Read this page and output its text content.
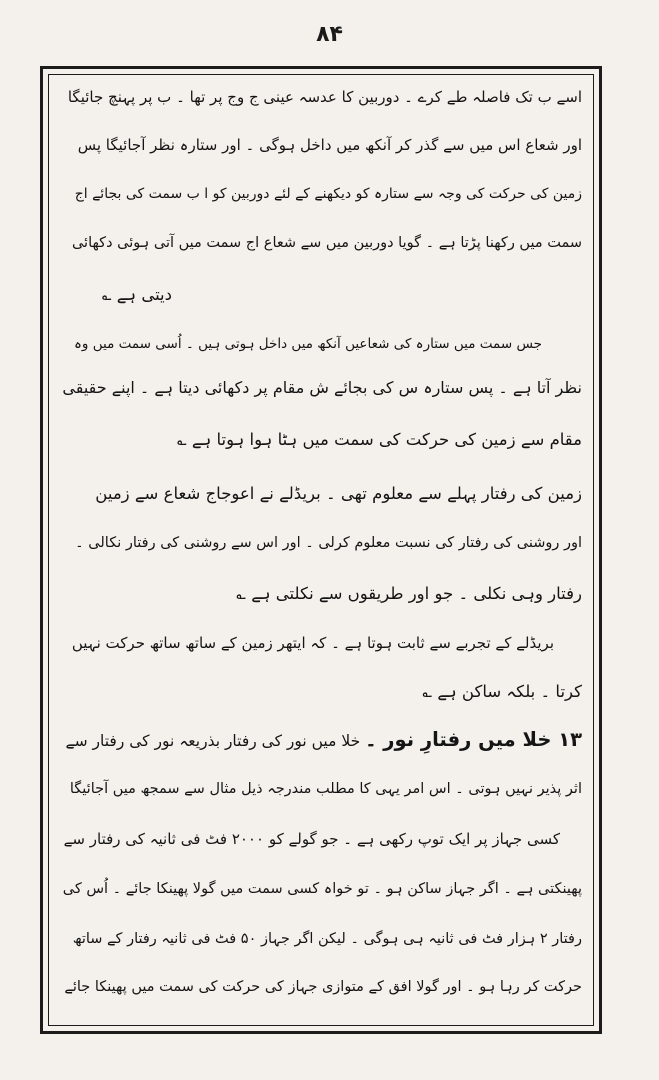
۸۴
اسے ب تک فاصلہ طے کرے ۔ دوربین کا عدسہ عینی ج وج پر تھا ۔ ب پر پہنچ جائیگا
اور شعاع اس میں سے گذر کر آنکھ میں داخل ہوگی ۔ اور ستارہ نظر آجائیگا پس
زمین کی حرکت کی وجہ سے ستارہ کو دیکھنے کے لئے دوربین کو ا ب سمت کی بجائے اج
سمت میں رکھنا پڑتا ہے ۔ گویا دوربین میں سے شعاع اج سمت میں آتی ہوئی دکھائی
دیتی ہے ؎
جس سمت میں ستارہ کی شعاعیں آنکھ میں داخل ہوتی ہیں ۔ اُسی سمت میں وہ
نظر آتا ہے ۔ پس ستارہ س کی بجائے ش مقام پر دکھائی دیتا ہے ۔ اپنے حقیقی
مقام سے زمین کی حرکت کی سمت میں ہٹا ہوا ہوتا ہے ؎
زمین کی رفتار پہلے سے معلوم تھی ۔ بریڈلے نے اعوجاج شعاع سے زمین
اور روشنی کی رفتار کی نسبت معلوم کرلی ۔ اور اس سے روشنی کی رفتار نکالی ۔
رفتار وہی نکلی ۔ جو اور طریقوں سے نکلتی ہے ؎
بریڈلے کے تجربے سے ثابت ہوتا ہے ۔ کہ ایتھر زمین کے ساتھ ساتھ حرکت نہیں
کرتا ۔ بلکہ ساکن ہے ؎
۱۳ خلا میں رفتارِ نور ۔ خلا میں نور کی رفتار بذریعہ نور کی رفتار سے
اثر پذیر نہیں ہوتی ۔ اس امر یہی کا مطلب مندرجہ ذیل مثال سے سمجھ میں آجائیگا
کسی جہاز پر ایک توپ رکھی ہے ۔ جو گولے کو ۲۰۰۰ فٹ فی ثانیہ کی رفتار سے
پھینکتی ہے ۔ اگر جہاز ساکن ہو ۔ تو خواہ کسی سمت میں گولا پھینکا جائے ۔ اُس کی
رفتار ۲ ہزار فٹ فی ثانیہ ہی ہوگی ۔ لیکن اگر جہاز ۵۰ فٹ فی ثانیہ رفتار کے ساتھ
حرکت کر رہا ہو ۔ اور گولا افق کے متوازی جہاز کی حرکت کی سمت میں پھینکا جائے
